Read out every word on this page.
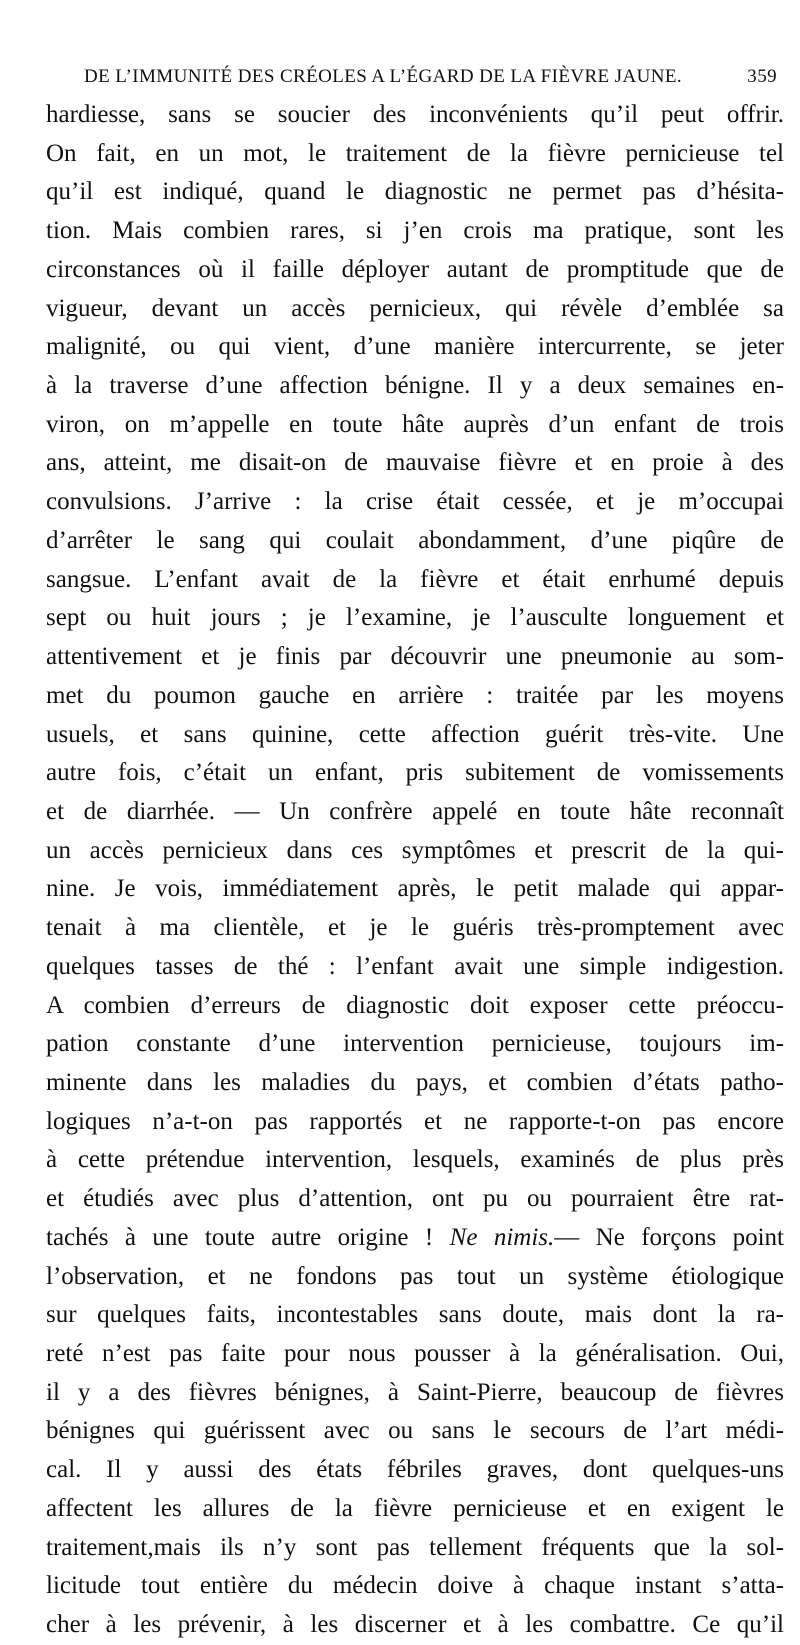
DE L’IMMUNITÉ DES CRÉOLES A L’ÉGARD DE LA FIÈVRE JAUNE.	359
hardiesse, sans se soucier des inconvénients qu’il peut offrir.
On fait, en un mot, le traitement de la fièvre pernicieuse tel
qu’il est indiqué, quand le diagnostic ne permet pas d’hésita-
tion. Mais combien rares, si j’en crois ma pratique, sont les
circonstances où il faille déployer autant de promptitude que de
vigueur, devant un accès pernicieux, qui révèle d’emblée sa
malignité, ou qui vient, d’une manière intercurrente, se jeter
à la traverse d’une affection bénigne. Il y a deux semaines en-
viron, on m’appelle en toute hâte auprès d’un enfant de trois
ans, atteint, me disait-on de mauvaise fièvre et en proie à des
convulsions. J’arrive : la crise était cessée, et je m’occupai
d’arrêter le sang qui coulait abondamment, d’une piqûre de
sangsue. L’enfant avait de la fièvre et était enrhumé depuis
sept ou huit jours ; je l’examine, je l’ausculte longuement et
attentivement et je finis par découvrir une pneumonie au som-
met du poumon gauche en arrière : traitée par les moyens
usuels, et sans quinine, cette affection guérit très-vite. Une
autre fois, c’était un enfant, pris subitement de vomissements
et de diarrhée. — Un confrère appelé en toute hâte reconnaît
un accès pernicieux dans ces symptômes et prescrit de la qui-
nine. Je vois, immédiatement après, le petit malade qui appar-
tenait à ma clientèle, et je le guéris très-promptement avec
quelques tasses de thé : l’enfant avait une simple indigestion.
A combien d’erreurs de diagnostic doit exposer cette préoccu-
pation constante d’une intervention pernicieuse, toujours im-
minente dans les maladies du pays, et combien d’états patho-
logiques n’a-t-on pas rapportés et ne rapporte-t-on pas encore
à cette prétendue intervention, lesquels, examinés de plus près
et étudiés avec plus d’attention, ont pu ou pourraient être rat-
tachés à une toute autre origine ! Ne nimis.— Ne forçons point
l’observation, et ne fondons pas tout un système étiologique
sur quelques faits, incontestables sans doute, mais dont la ra-
reté n’est pas faite pour nous pousser à la généralisation. Oui,
il y a des fièvres bénignes, à Saint-Pierre, beaucoup de fièvres
bénignes qui guérissent avec ou sans le secours de l’art médi-
cal. Il y aussi des états fébriles graves, dont quelques-uns
affectent les allures de la fièvre pernicieuse et en exigent le
traitement,mais ils n’y sont pas tellement fréquents que la sol-
licitude tout entière du médecin doive à chaque instant s’atta-
cher à les prévenir, à les discerner et à les combattre. Ce qu’il
